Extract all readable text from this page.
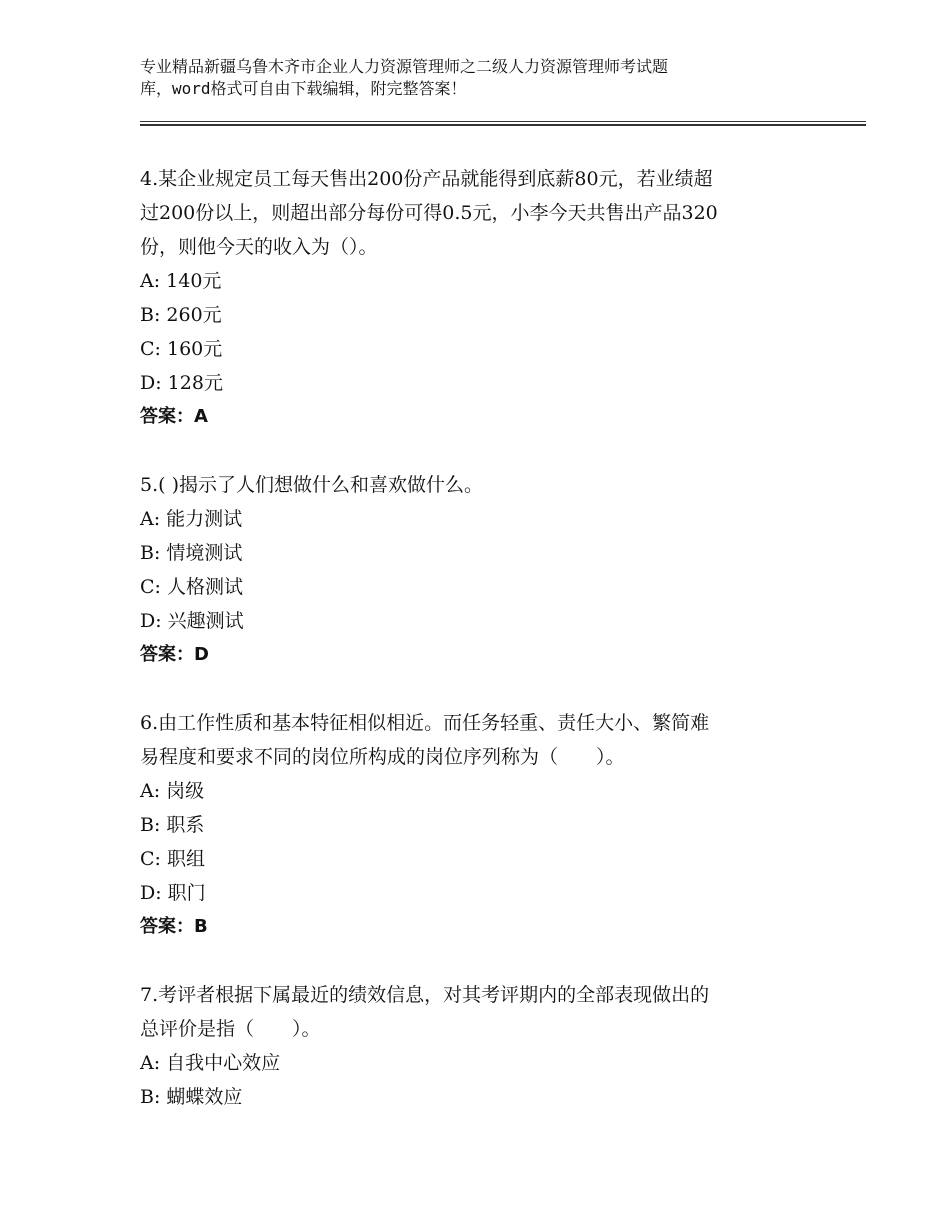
专业精品新疆乌鲁木齐市企业人力资源管理师之二级人力资源管理师考试题
库，word格式可自由下载编辑，附完整答案！
4.某企业规定员工每天售出200份产品就能得到底薪80元，若业绩超
过200份以上，则超出部分每份可得0.5元，小李今天共售出产品320
份，则他今天的收入为（）。
A: 140元
B: 260元
C: 160元
D: 128元
答案：A
5.( )揭示了人们想做什么和喜欢做什么。
A: 能力测试
B: 情境测试
C: 人格测试
D: 兴趣测试
答案：D
6.由工作性质和基本特征相似相近。而任务轻重、责任大小、繁简难
易程度和要求不同的岗位所构成的岗位序列称为（　　）。
A: 岗级
B: 职系
C: 职组
D: 职门
答案：B
7.考评者根据下属最近的绩效信息，对其考评期内的全部表现做出的
总评价是指（　　）。
A: 自我中心效应
B: 蝴蝶效应
